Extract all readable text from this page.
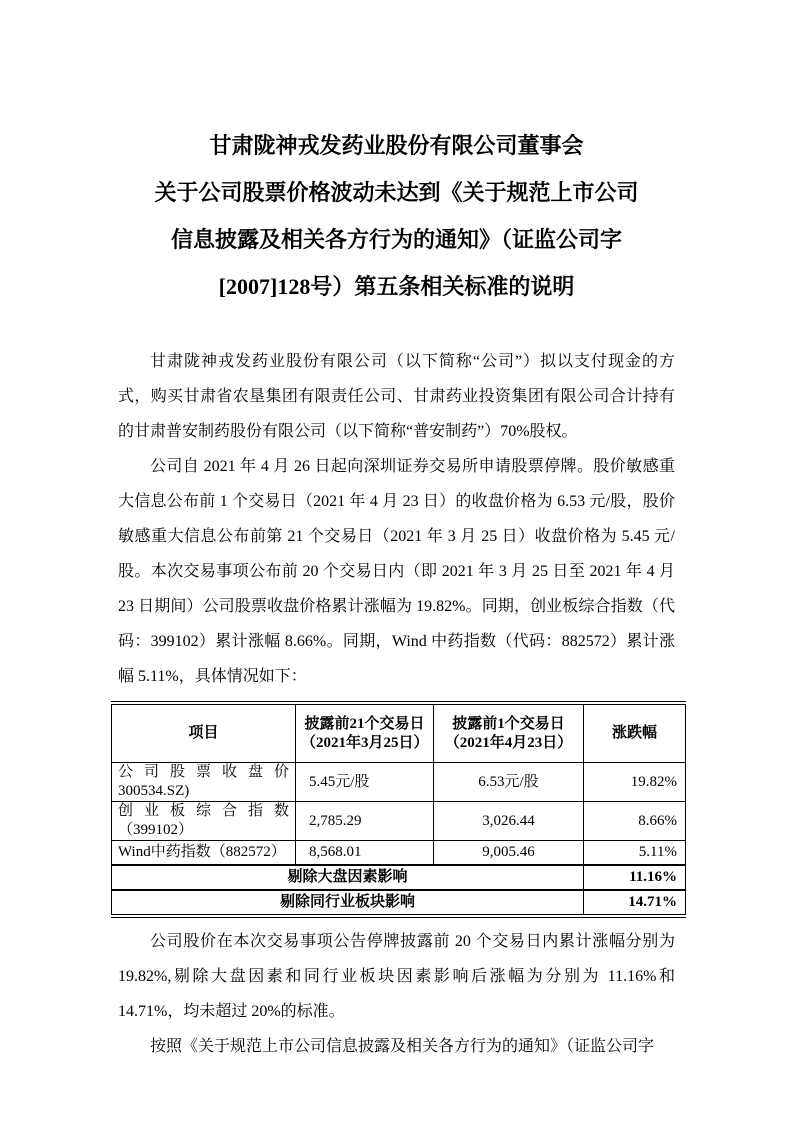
甘肃陇神戎发药业股份有限公司董事会
关于公司股票价格波动未达到《关于规范上市公司
信息披露及相关各方行为的通知》（证监公司字
[2007]128号）第五条相关标准的说明

甘肃陇神戎发药业股份有限公司（以下简称“公司”）拟以支付现金的方式，购买甘肃省农垦集团有限责任公司、甘肃药业投资集团有限公司合计持有的甘肃普安制药股份有限公司（以下简称“普安制药”）70%股权。

公司自 2021 年 4 月 26 日起向深圳证券交易所申请股票停牌。股价敏感重大信息公布前 1 个交易日（2021 年 4 月 23 日）的收盘价格为 6.53 元/股，股价敏感重大信息公布前第 21 个交易日（2021 年 3 月 25 日）收盘价格为 5.45 元/股。本次交易事项公布前 20 个交易日内（即 2021 年 3 月 25 日至 2021 年 4 月 23 日期间）公司股票收盘价格累计涨幅为 19.82%。同期，创业板综合指数（代码：399102）累计涨幅 8.66%。同期，Wind 中药指数（代码：882572）累计涨幅 5.11%，具体情况如下：

项目	披露前21个交易日（2021年3月25日）	披露前1个交易日（2021年4月23日）	涨跌幅
公司股票收盘价300534.SZ)	5.45元/股	6.53元/股	19.82%
创业板综合指数（399102）	2,785.29	3,026.44	8.66%
Wind中药指数（882572）	8,568.01	9,005.46	5.11%
剔除大盘因素影响			11.16%
剔除同行业板块影响			14.71%

公司股价在本次交易事项公告停牌披露前 20 个交易日内累计涨幅分别为 19.82%,剔除大盘因素和同行业板块因素影响后涨幅为分别为 11.16%和 14.71%，均未超过 20%的标准。

按照《关于规范上市公司信息披露及相关各方行为的通知》（证监公司字
